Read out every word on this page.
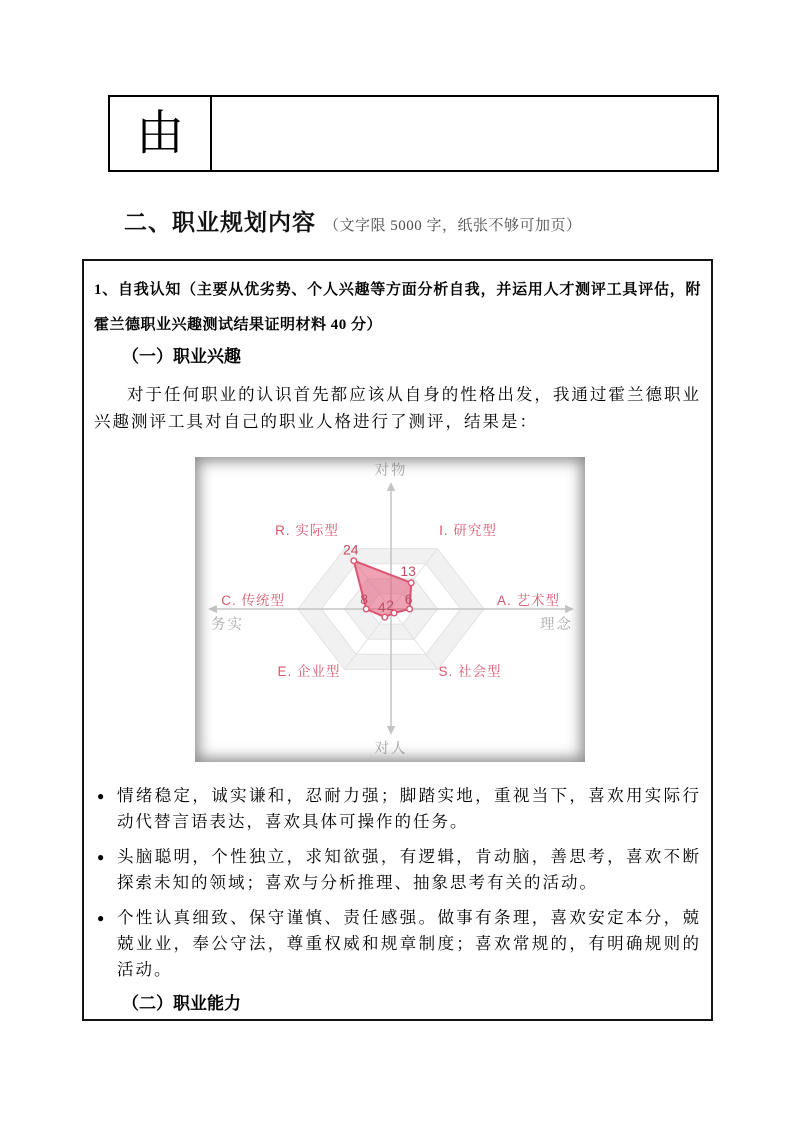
由
二、职业规划内容 （文字限 5000 字，纸张不够可加页）

1、自我认知（主要从优劣势、个人兴趣等方面分析自我，并运用人才测评工具评估，附霍兰德职业兴趣测试结果证明材料 40 分）

（一）职业兴趣

对于任何职业的认识首先都应该从自身的性格出发，我通过霍兰德职业兴趣测评工具对自己的职业人格进行了测评，结果是：

对物
对人
务实	理念
A. 艺术型
I. 研究型
R. 实际型
C. 传统型
E. 企业型	S. 社会型
6
13
24
8
4 2
● 情绪稳定，诚实谦和，忍耐力强；脚踏实地，重视当下，喜欢用实际行动代替言语表达，喜欢具体可操作的任务。
● 头脑聪明，个性独立，求知欲强，有逻辑，肯动脑，善思考，喜欢不断探索未知的领域；喜欢与分析推理、抽象思考有关的活动。
● 个性认真细致、保守谨慎、责任感强。做事有条理，喜欢安定本分，兢兢业业，奉公守法，尊重权威和规章制度；喜欢常规的，有明确规则的活动。
（二）职业能力
